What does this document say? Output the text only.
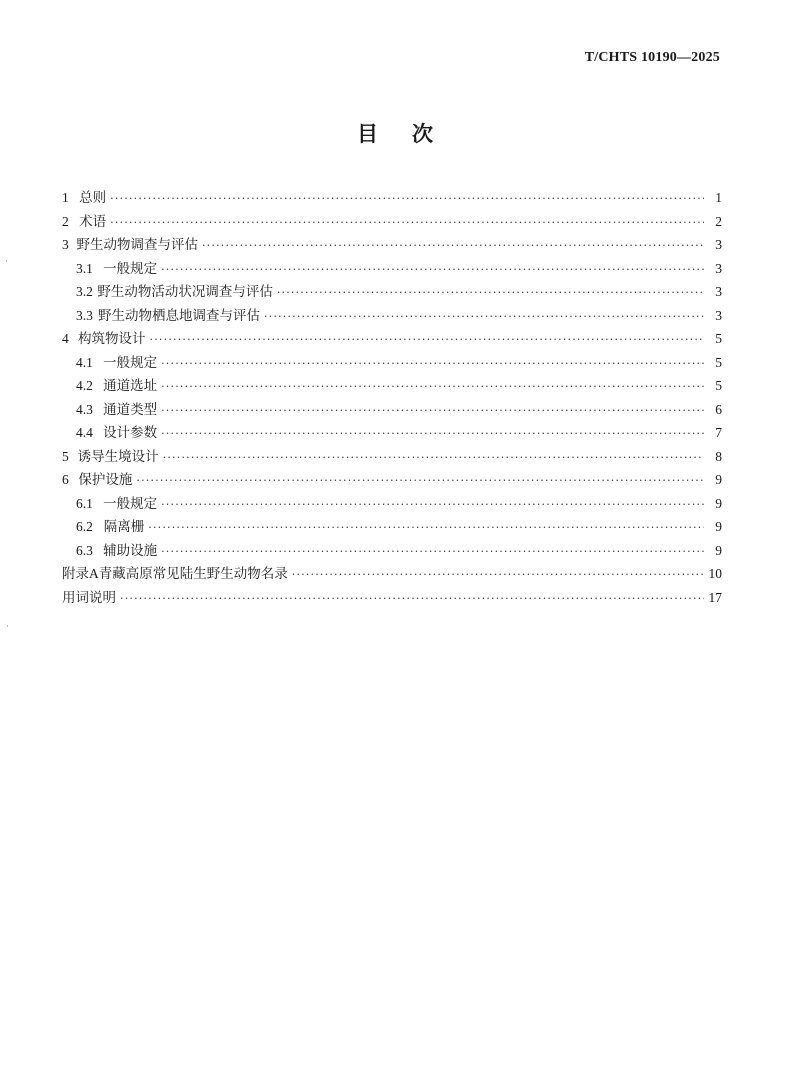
T/CHTS 10190—2025
目 次
1 总则 ·····	1
2 术语 ·····	2
3 野生动物调查与评估 ·····	3
3.1 一般规定 ·····	3
3.2 野生动物活动状况调查与评估 ·····	3
3.3 野生动物栖息地调查与评估 ·····	3
4 构筑物设计 ·····	5
4.1 一般规定 ·····	5
4.2 通道选址 ·····	5
4.3 通道类型 ·····	6
4.4 设计参数 ·····	7
5 诱导生境设计 ·····	8
6 保护设施 ·····	9
6.1 一般规定 ·····	9
6.2 隔离栅 ·····	9
6.3 辅助设施 ·····	9
附录A 青藏高原常见陆生野生动物名录 ·····	10
用词说明 ·····	17
